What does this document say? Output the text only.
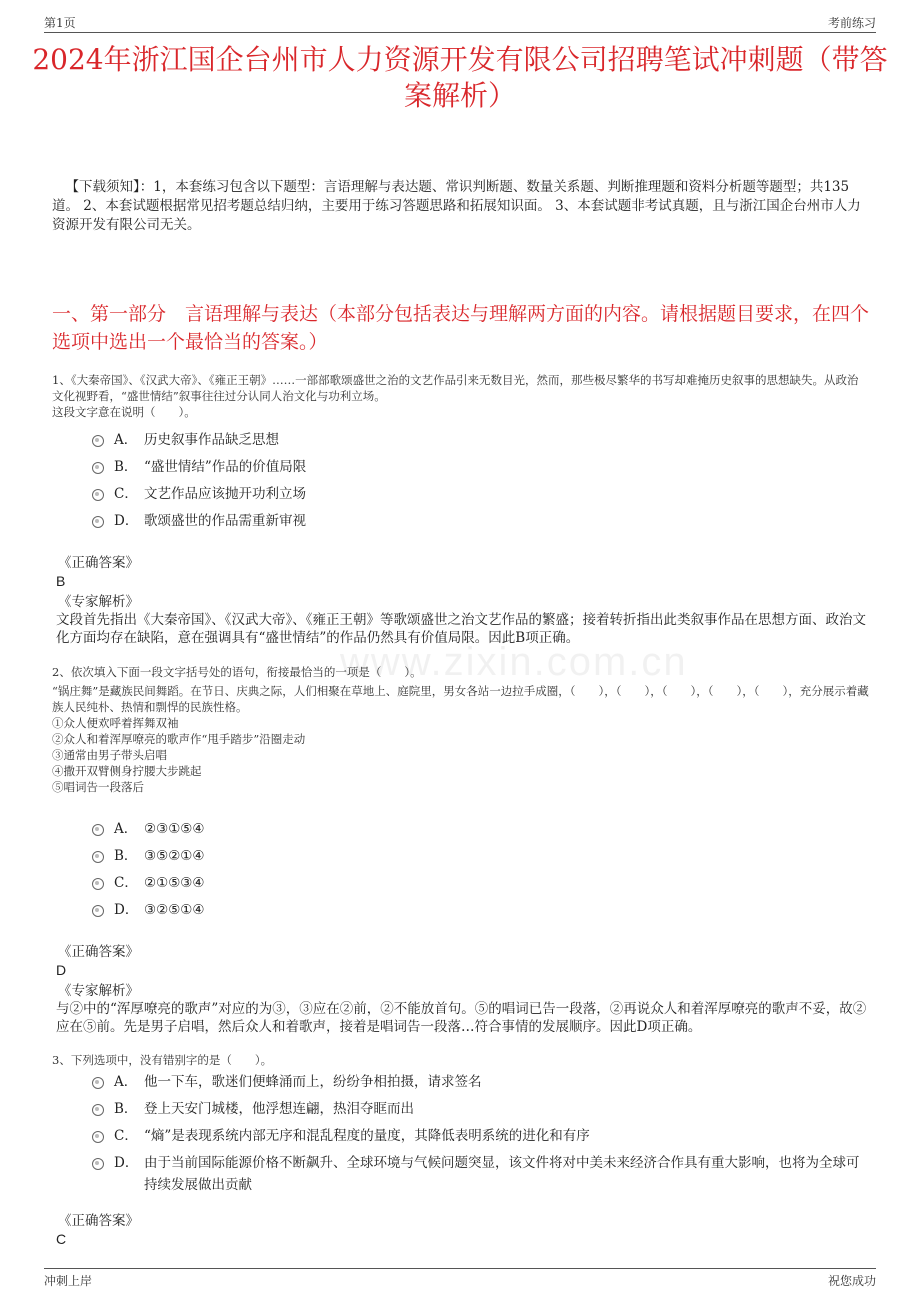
第1页	考前练习
2024年浙江国企台州市人力资源开发有限公司招聘笔试冲刺题（带答案解析）

【下载须知】：1，本套练习包含以下题型：言语理解与表达题、常识判断题、数量关系题、判断推理题和资料分析题等题型；共135道。 2、本套试题根据常见招考题总结归纳，主要用于练习答题思路和拓展知识面。 3、本套试题非考试真题，且与浙江国企台州市人力资源开发有限公司无关。

一、第一部分　言语理解与表达（本部分包括表达与理解两方面的内容。请根据题目要求，在四个选项中选出一个最恰当的答案。）

www.zixin.com.cn

1、《大秦帝国》、《汉武大帝》、《雍正王朝》……一部部歌颂盛世之治的文艺作品引来无数目光，然而，那些极尽繁华的书写却难掩历史叙事的思想缺失。从政治文化视野看，“盛世情结”叙事往往过分认同人治文化与功利立场。

这段文字意在说明（　　）。

A． 历史叙事作品缺乏思想
B． “盛世情结”作品的价值局限
C． 文艺作品应该抛开功利立场
D． 歌颂盛世的作品需重新审视

《正确答案》

B

《专家解析》

文段首先指出《大秦帝国》、《汉武大帝》、《雍正王朝》等歌颂盛世之治文艺作品的繁盛；接着转折指出此类叙事作品在思想方面、政治文化方面均存在缺陷，意在强调具有“盛世情结”的作品仍然具有价值局限。因此B项正确。

2、依次填入下面一段文字括号处的语句，衔接最恰当的一项是（　　）。

“锅庄舞”是藏族民间舞蹈。在节日、庆典之际，人们相聚在草地上、庭院里，男女各站一边拉手成圈，（　　），（　　），（　　），（　　），（　　），充分展示着藏族人民纯朴、热情和剽悍的民族性格。

①众人便欢呼着挥舞双袖

②众人和着浑厚嘹亮的歌声作“甩手踏步”沿圈走动

③通常由男子带头启唱

④撒开双臂侧身拧腰大步跳起

⑤唱词告一段落后

A． ②③①⑤④
B． ③⑤②①④
C． ②①⑤③④
D． ③②⑤①④

《正确答案》

D

《专家解析》

与②中的“浑厚嘹亮的歌声”对应的为③，③应在②前，②不能放首句。⑤的唱词已告一段落，②再说众人和着浑厚嘹亮的歌声不妥，故②应在⑤前。先是男子启唱，然后众人和着歌声，接着是唱词告一段落…符合事情的发展顺序。因此D项正确。

3、下列选项中，没有错别字的是（　　）。

A． 他一下车，歌迷们便蜂涌而上，纷纷争相拍摄，请求签名
B． 登上天安门城楼，他浮想连翩，热泪夺眶而出
C． “熵”是表现系统内部无序和混乱程度的量度，其降低表明系统的进化和有序
D． 由于当前国际能源价格不断飙升、全球环境与气候问题突显，该文件将对中美未来经济合作具有重大影响，也将为全球可持续发展做出贡献

《正确答案》

C
冲刺上岸	祝您成功
